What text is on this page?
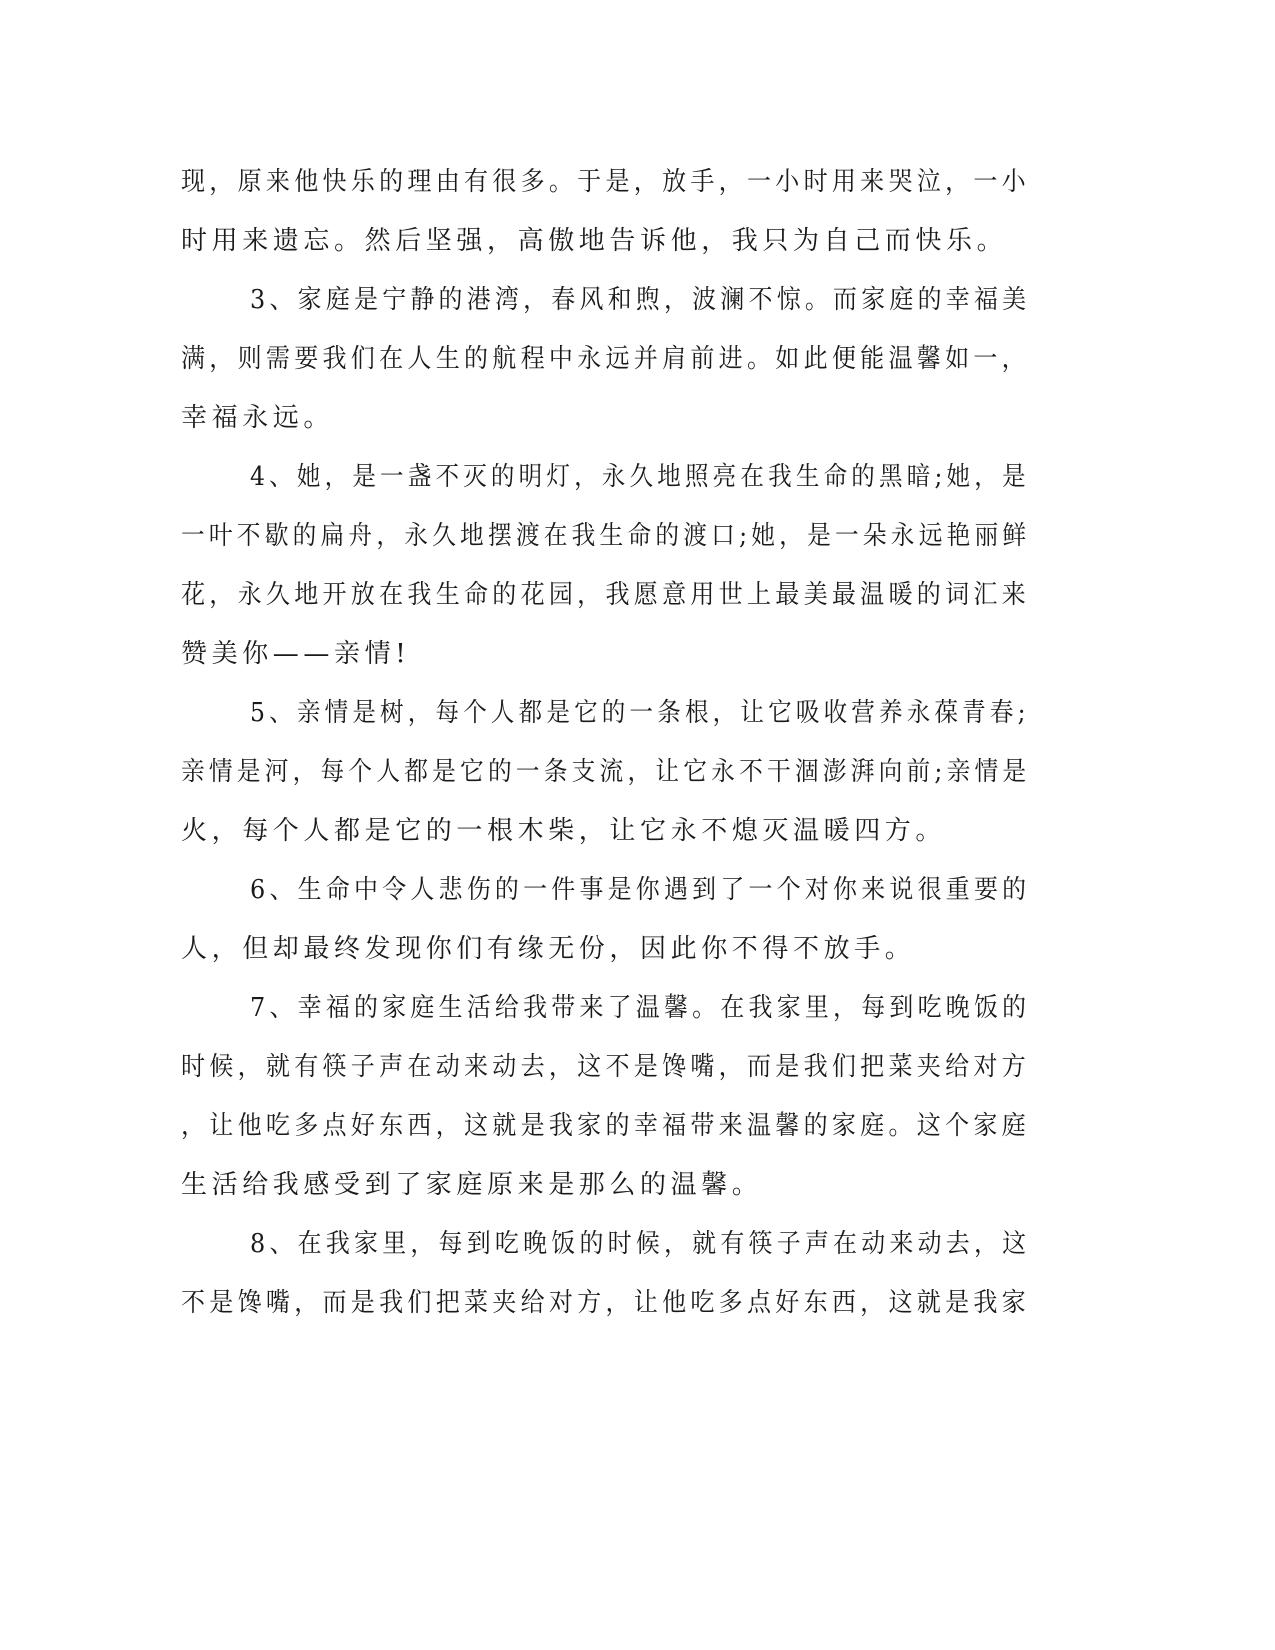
现，原来他快乐的理由有很多。于是，放手，一小时用来哭泣，一小
时用来遗忘。然后坚强，高傲地告诉他，我只为自己而快乐。
3、家庭是宁静的港湾，春风和煦，波澜不惊。而家庭的幸福美
满，则需要我们在人生的航程中永远并肩前进。如此便能温馨如一，
幸福永远。
4、她，是一盏不灭的明灯，永久地照亮在我生命的黑暗;她，是
一叶不歇的扁舟，永久地摆渡在我生命的渡口;她，是一朵永远艳丽鲜
花，永久地开放在我生命的花园，我愿意用世上最美最温暖的词汇来
赞美你——亲情!
5、亲情是树，每个人都是它的一条根，让它吸收营养永葆青春;
亲情是河，每个人都是它的一条支流，让它永不干涸澎湃向前;亲情是
火，每个人都是它的一根木柴，让它永不熄灭温暖四方。
6、生命中令人悲伤的一件事是你遇到了一个对你来说很重要的
人，但却最终发现你们有缘无份，因此你不得不放手。
7、幸福的家庭生活给我带来了温馨。在我家里，每到吃晚饭的
时候，就有筷子声在动来动去，这不是馋嘴，而是我们把菜夹给对方
，让他吃多点好东西，这就是我家的幸福带来温馨的家庭。这个家庭
生活给我感受到了家庭原来是那么的温馨。
8、在我家里，每到吃晚饭的时候，就有筷子声在动来动去，这
不是馋嘴，而是我们把菜夹给对方，让他吃多点好东西，这就是我家
